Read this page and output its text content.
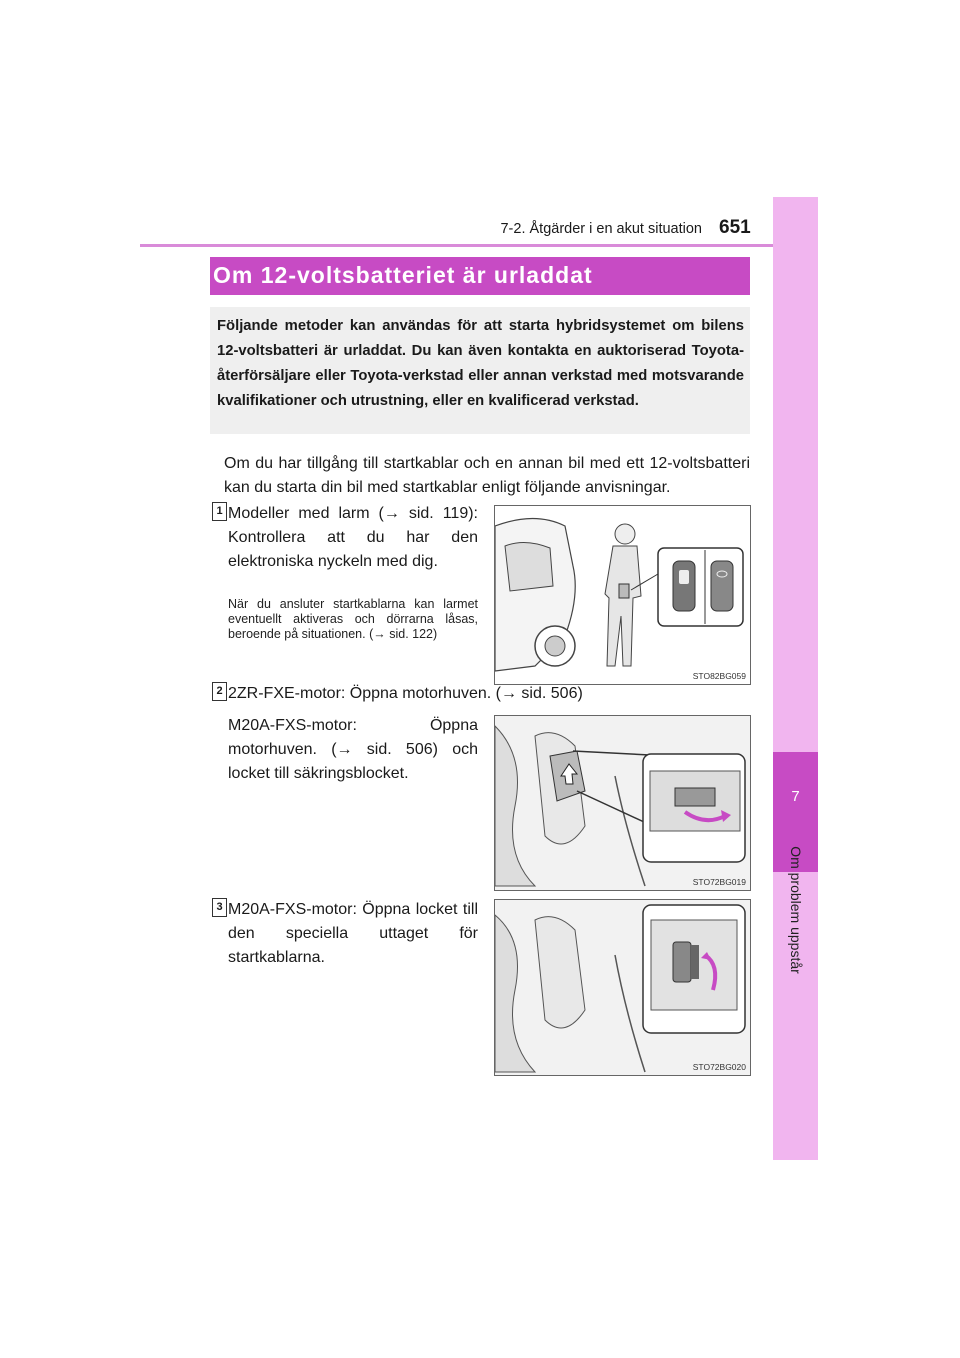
651
7-2. Åtgärder i en akut situation
7
Om problem uppstår
Om 12-voltsbatteriet är urladdat
Följande metoder kan användas för att starta hybridsystemet om bilens 12-voltsbatteri är urladdat. Du kan även kontakta en auktoriserad Toyota-återförsäljare eller Toyota-verkstad eller annan verkstad med motsvarande kvalifikationer och utrustning, eller en kvalificerad verkstad.
Om du har tillgång till startkablar och en annan bil med ett 12-voltsbatteri kan du starta din bil med startkablar enligt följande anvisningar.
1 Modeller med larm (→ sid. 119): Kontrollera att du har den elektroniska nyckeln med dig.
När du ansluter startkablarna kan larmet eventuellt aktiveras och dörrarna låsas, beroende på situationen. (→ sid. 122)
STO82BG059
2 2ZR-FXE-motor: Öppna motorhuven. (→ sid. 506)
M20A-FXS-motor: Öppna motorhuven. (→ sid. 506) och locket till säkringsblocket.
STO72BG019
3 M20A-FXS-motor: Öppna locket till den speciella uttaget för startkablarna.
STO72BG020
